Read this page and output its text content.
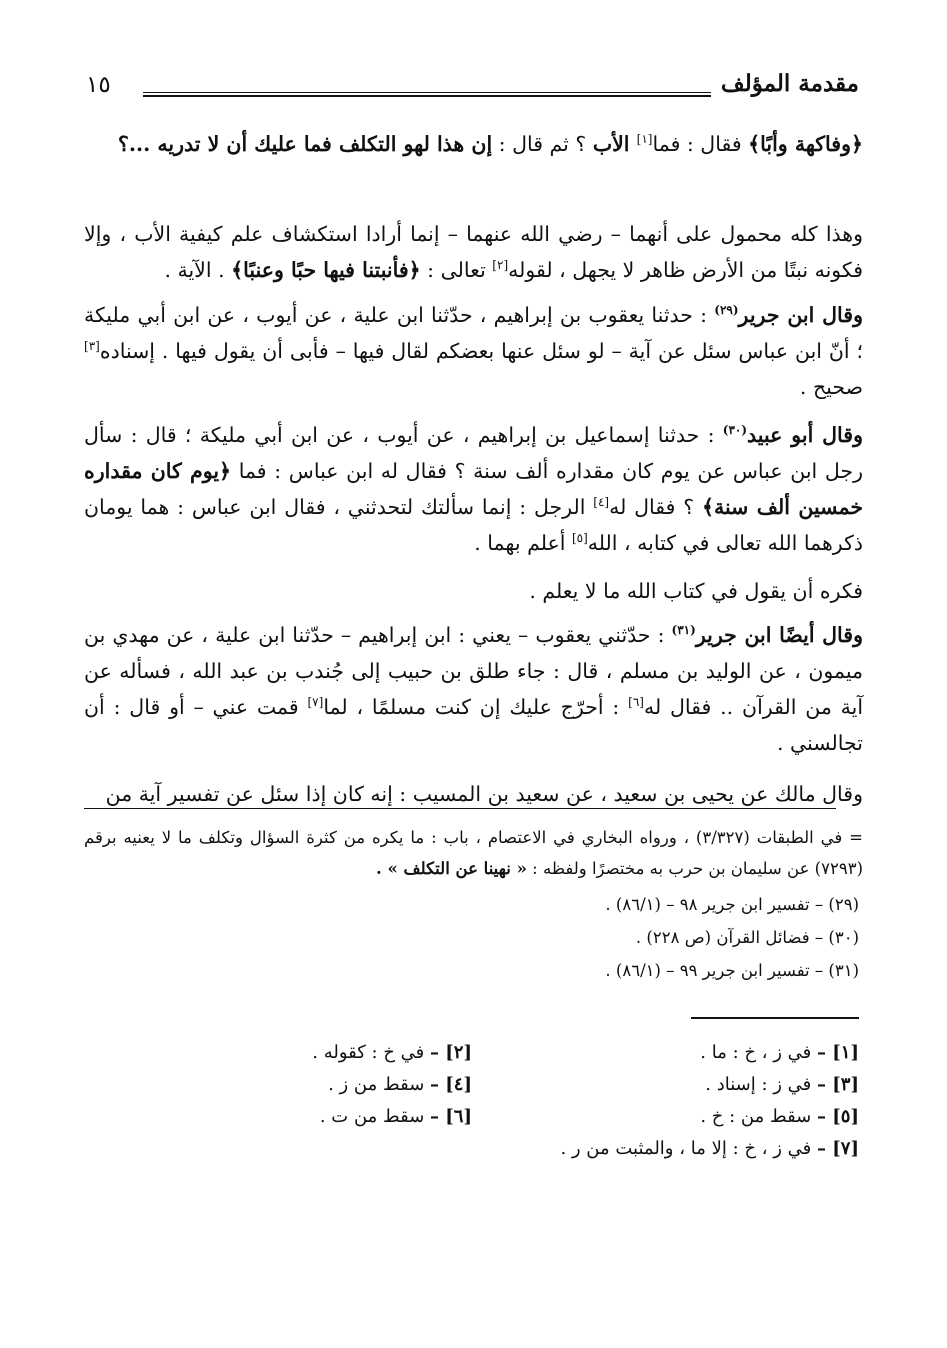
مقدمة المؤلف
١٥
﴿وفاكهة وأبًا﴾ فقال : فما[١] الأب ؟ ثم قال : إن هذا لهو التكلف فما عليك أن لا تدريه ...؟
وهذا كله محمول على أنهما – رضي الله عنهما – إنما أرادا استكشاف علم كيفية الأب ، وإلا فكونه نبتًا من الأرض ظاهر لا يجهل ، لقوله[٢] تعالى : ﴿فأنبتنا فيها حبًا وعنبًا﴾ . الآية .
وقال ابن جرير$^{(٢٩)}$ : حدثنا يعقوب بن إبراهيم ، حدّثنا ابن علية ، عن أيوب ، عن ابن أبي مليكة ؛ أنّ ابن عباس سئل عن آية – لو سئل عنها بعضكم لقال فيها – فأبى أن يقول فيها . إسناده[٣] صحيح .
وقال أبو عبيد$^{(٣٠)}$ : حدثنا إسماعيل بن إبراهيم ، عن أيوب ، عن ابن أبي مليكة ؛ قال : سأل رجل ابن عباس عن يوم كان مقداره ألف سنة ؟ فقال له ابن عباس : فما ﴿يوم كان مقداره خمسين ألف سنة﴾ ؟ فقال له[٤] الرجل : إنما سألتك لتحدثني ، فقال ابن عباس : هما يومان ذكرهما الله تعالى في كتابه ، الله[٥] أعلم بهما .
فكره أن يقول في كتاب الله ما لا يعلم .
وقال أيضًا ابن جرير$^{(٣١)}$ : حدّثني يعقوب – يعني : ابن إبراهيم – حدّثنا ابن علية ، عن مهدي بن ميمون ، عن الوليد بن مسلم ، قال : جاء طلق بن حبيب إلى جُندب بن عبد الله ، فسأله عن آية من القرآن .. فقال له[٦] : أحرّج عليك إن كنت مسلمًا ، لما[٧] قمت عني – أو قال : أن تجالسني .
وقال مالك عن يحيى بن سعيد ، عن سعيد بن المسيب : إنه كان إذا سئل عن تفسير آية من
= في الطبقات (٣/٣٢٧) ، ورواه البخاري في الاعتصام ، باب : ما يكره من كثرة السؤال وتكلف ما لا يعنيه برقم (٧٢٩٣) عن سليمان بن حرب به مختصرًا ولفظه : « نهينا عن التكلف » .
(٢٩) – تفسير ابن جرير ٩٨ – (٨٦/١) .
(٣٠) – فضائل القرآن (ص ٢٢٨) .
(٣١) – تفسير ابن جرير ٩٩ – (٨٦/١) .
[١] – في ز ، خ : ما .
[٢] – في خ : كقوله .
[٣] – في ز : إسناد .
[٤] – سقط من ز .
[٥] – سقط من : خ .
[٦] – سقط من ت .
[٧] – في ز ، خ : إلا ما ، والمثبت من ر .
